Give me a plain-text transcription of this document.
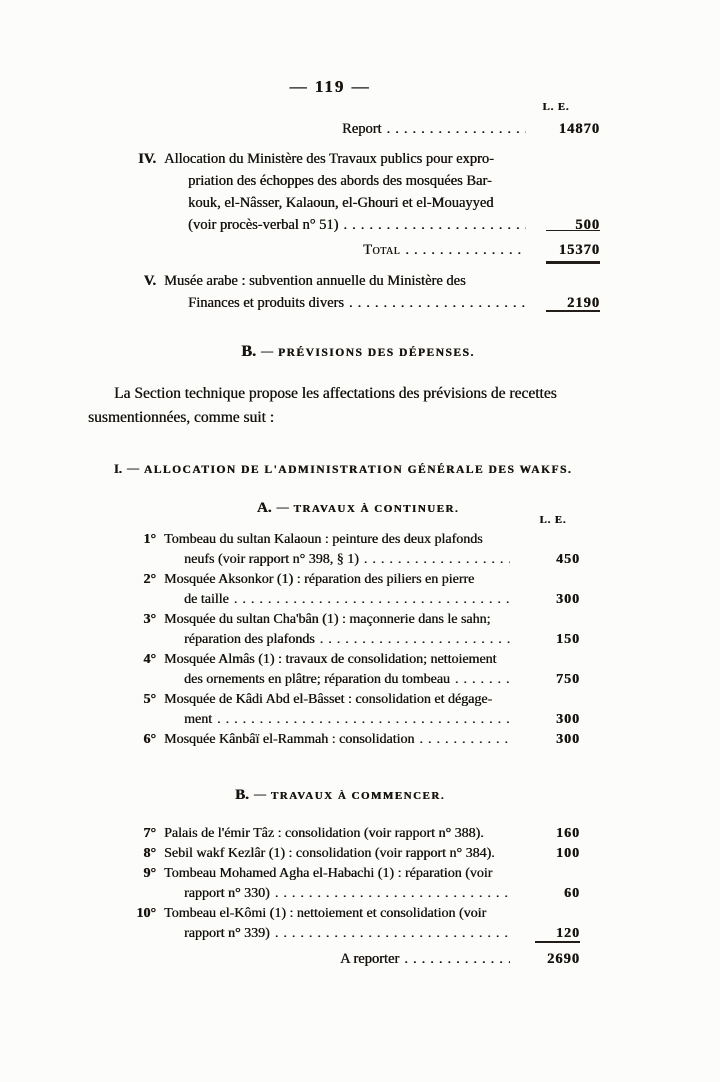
— 119 —
L. E.
Report .....	14870
IV. Allocation du Ministère des Travaux publics pour expro-
priation des échoppes des abords des mosquées Bar-
kouk, el-Nâsser, Kalaoun, el-Ghouri et el-Mouayyed
(voir procès-verbal n° 51) .....	500
Total .....	15370
V. Musée arabe : subvention annuelle du Ministère des
Finances et produits divers .....	2190
B. — PRÉVISIONS DES DÉPENSES.
La Section technique propose les affectations des prévisions de recettes
susmentionnées, comme suit :
I. — ALLOCATION DE L'ADMINISTRATION GÉNÉRALE DES WAKFS.
A. — TRAVAUX À CONTINUER.
L. E.
1° Tombeau du sultan Kalaoun : peinture des deux plafonds
neufs (voir rapport n° 398, § 1) .....	450
2° Mosquée Aksonkor (1) : réparation des piliers en pierre
de taille .....	300
3° Mosquée du sultan Cha'bân (1) : maçonnerie dans le sahn;
réparation des plafonds .....	150
4° Mosquée Almâs (1) : travaux de consolidation; nettoiement
des ornements en plâtre; réparation du tombeau .....	750
5° Mosquée de Kâdi Abd el-Bâsset : consolidation et dégage-
ment .....	300
6° Mosquée Kânbâï el-Rammah : consolidation .....	300
B. — TRAVAUX À COMMENCER.
7° Palais de l'émir Tâz : consolidation (voir rapport n° 388).	160
8° Sebil wakf Kezlâr (1) : consolidation (voir rapport n° 384).	100
9° Tombeau Mohamed Agha el-Habachi (1) : réparation (voir
rapport n° 330) .....	60
10° Tombeau el-Kômi (1) : nettoiement et consolidation (voir
rapport n° 339) .....	120
A reporter .....	2690
